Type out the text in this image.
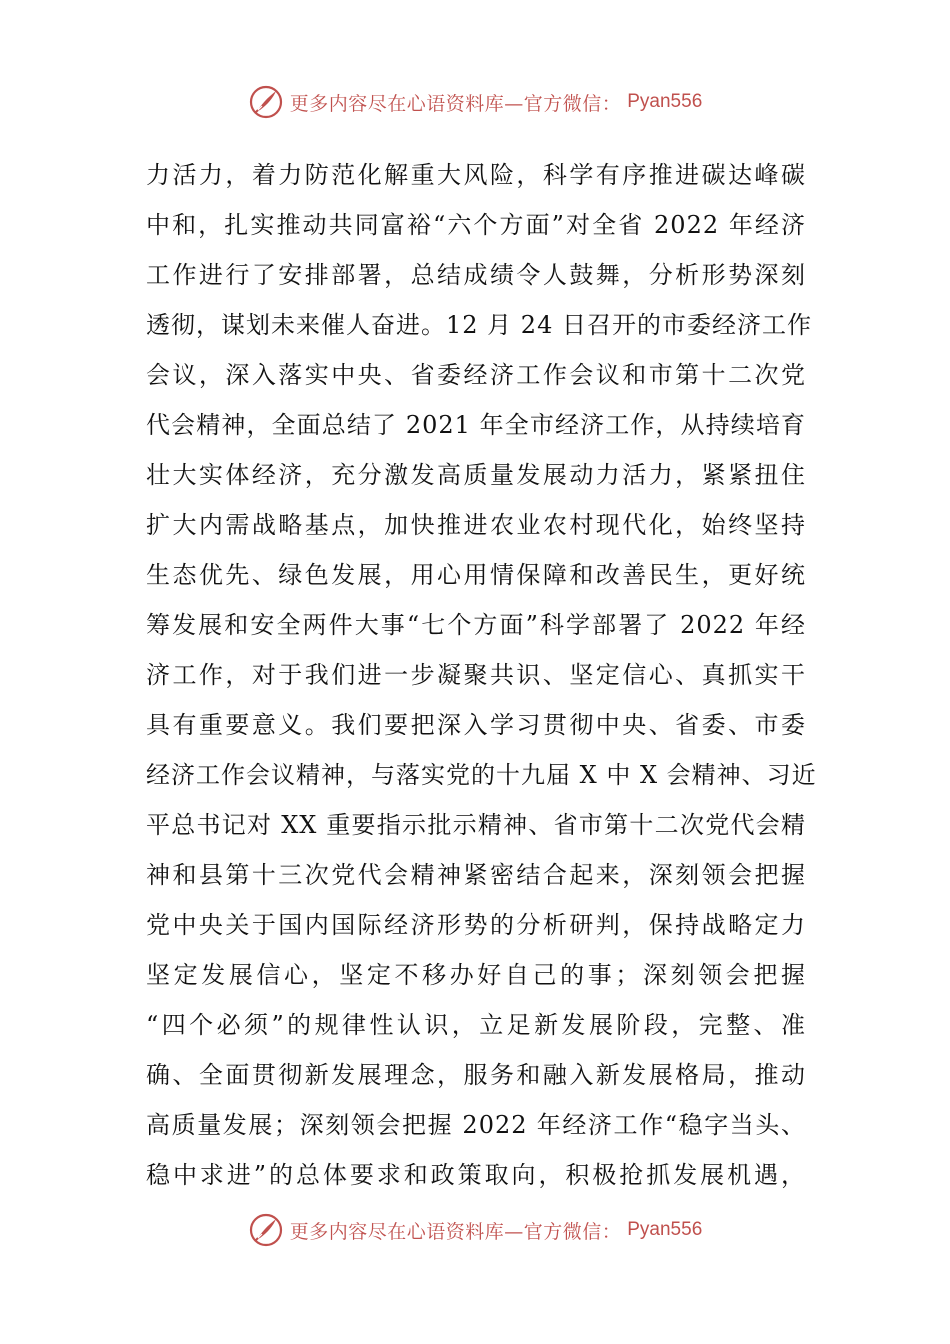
更多内容尽在心语资料库—官方微信： Pyan556
力活力，着力防范化解重大风险，科学有序推进碳达峰碳
中和，扎实推动共同富裕“六个方面”对全省 2022 年经济
工作进行了安排部署，总结成绩令人鼓舞，分析形势深刻
透彻，谋划未来催人奋进。12 月 24 日召开的市委经济工作
会议，深入落实中央、省委经济工作会议和市第十二次党
代会精神，全面总结了 2021 年全市经济工作，从持续培育
壮大实体经济，充分激发高质量发展动力活力，紧紧扭住
扩大内需战略基点，加快推进农业农村现代化，始终坚持
生态优先、绿色发展，用心用情保障和改善民生，更好统
筹发展和安全两件大事“七个方面”科学部署了 2022 年经
济工作，对于我们进一步凝聚共识、坚定信心、真抓实干
具有重要意义。我们要把深入学习贯彻中央、省委、市委
经济工作会议精神，与落实党的十九届 X 中 X 会精神、习近
平总书记对 XX 重要指示批示精神、省市第十二次党代会精
神和县第十三次党代会精神紧密结合起来，深刻领会把握
党中央关于国内国际经济形势的分析研判，保持战略定力
坚定发展信心，坚定不移办好自己的事；深刻领会把握
“四个必须”的规律性认识，立足新发展阶段，完整、准
确、全面贯彻新发展理念，服务和融入新发展格局，推动
高质量发展；深刻领会把握 2022 年经济工作“稳字当头、
稳中求进”的总体要求和政策取向，积极抢抓发展机遇，
更多内容尽在心语资料库—官方微信： Pyan556
